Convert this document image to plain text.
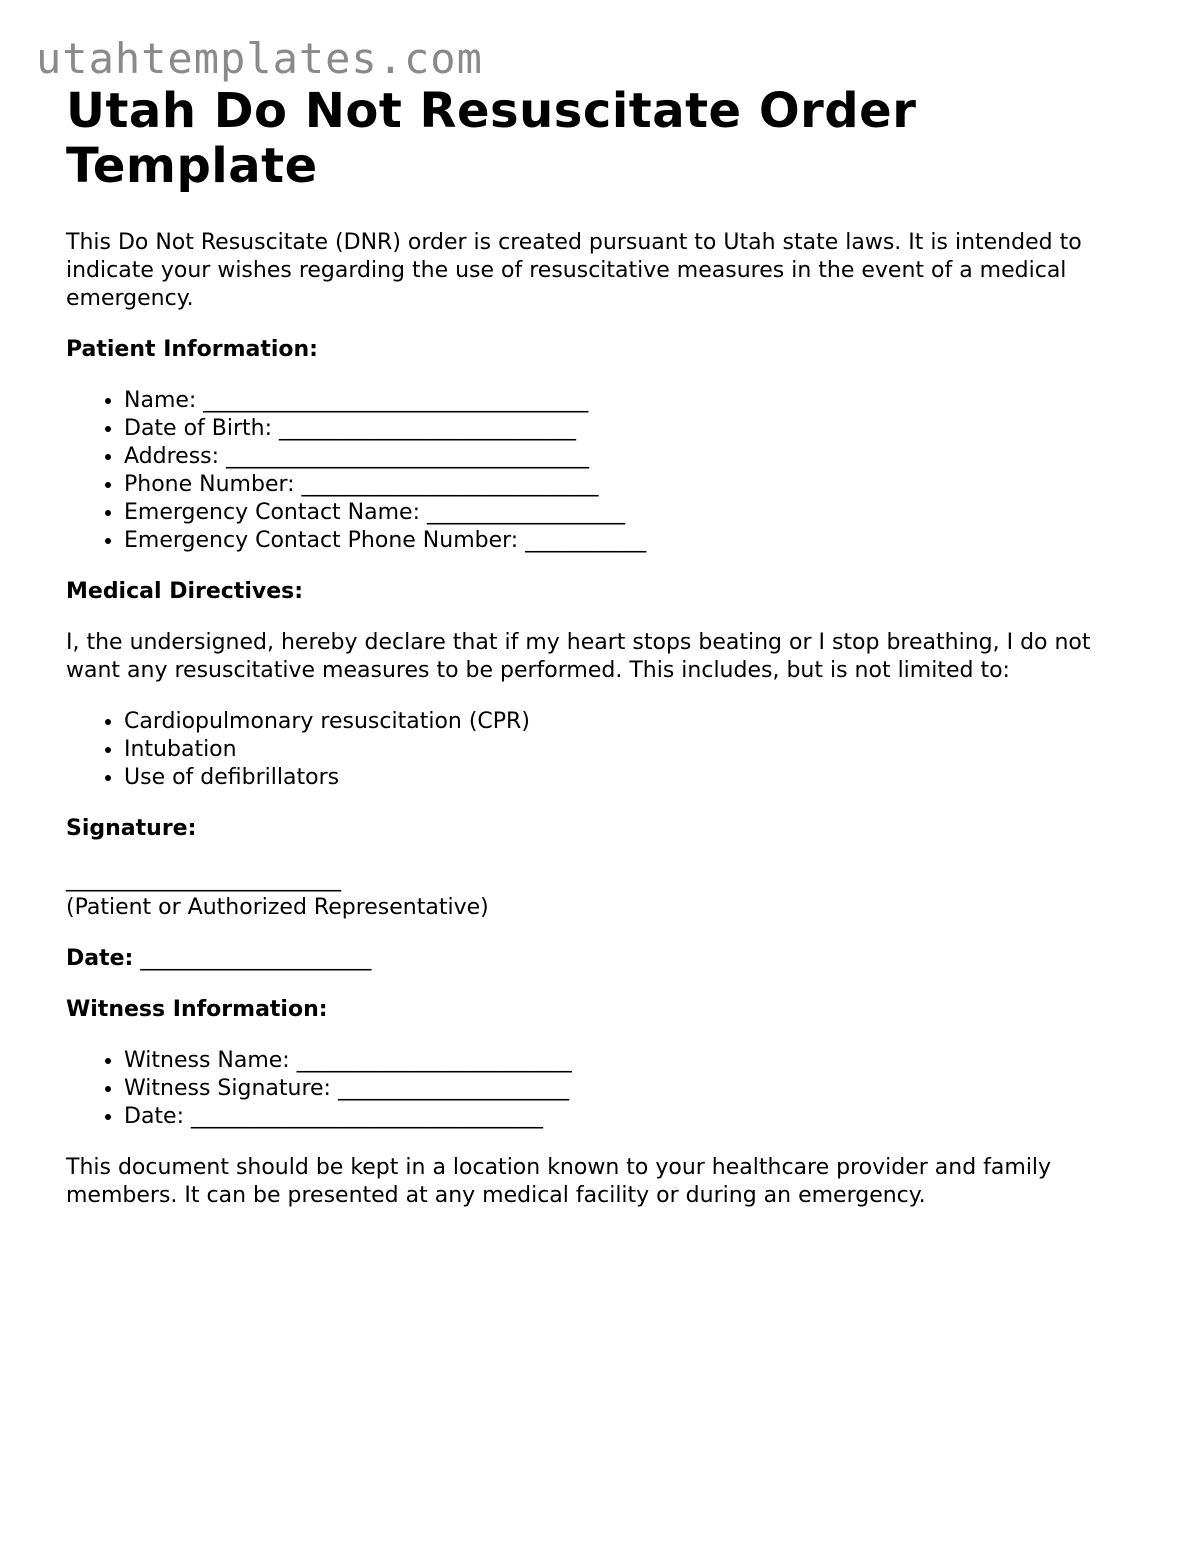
utahtemplates.com
Utah Do Not Resuscitate Order Template

This Do Not Resuscitate (DNR) order is created pursuant to Utah state laws. It is intended to indicate your wishes regarding the use of resuscitative measures in the event of a medical emergency.

Patient Information:

• Name: ___________________________________
• Date of Birth: ___________________________
• Address: _________________________________
• Phone Number: ___________________________
• Emergency Contact Name: __________________
• Emergency Contact Phone Number: ___________

Medical Directives:

I, the undersigned, hereby declare that if my heart stops beating or I stop breathing, I do not want any resuscitative measures to be performed. This includes, but is not limited to:

• Cardiopulmonary resuscitation (CPR)
• Intubation
• Use of defibrillators

Signature:

_________________________

(Patient or Authorized Representative)

Date: _____________________

Witness Information:

• Witness Name: _________________________
• Witness Signature: _____________________
• Date: ________________________________

This document should be kept in a location known to your healthcare provider and family members. It can be presented at any medical facility or during an emergency.
